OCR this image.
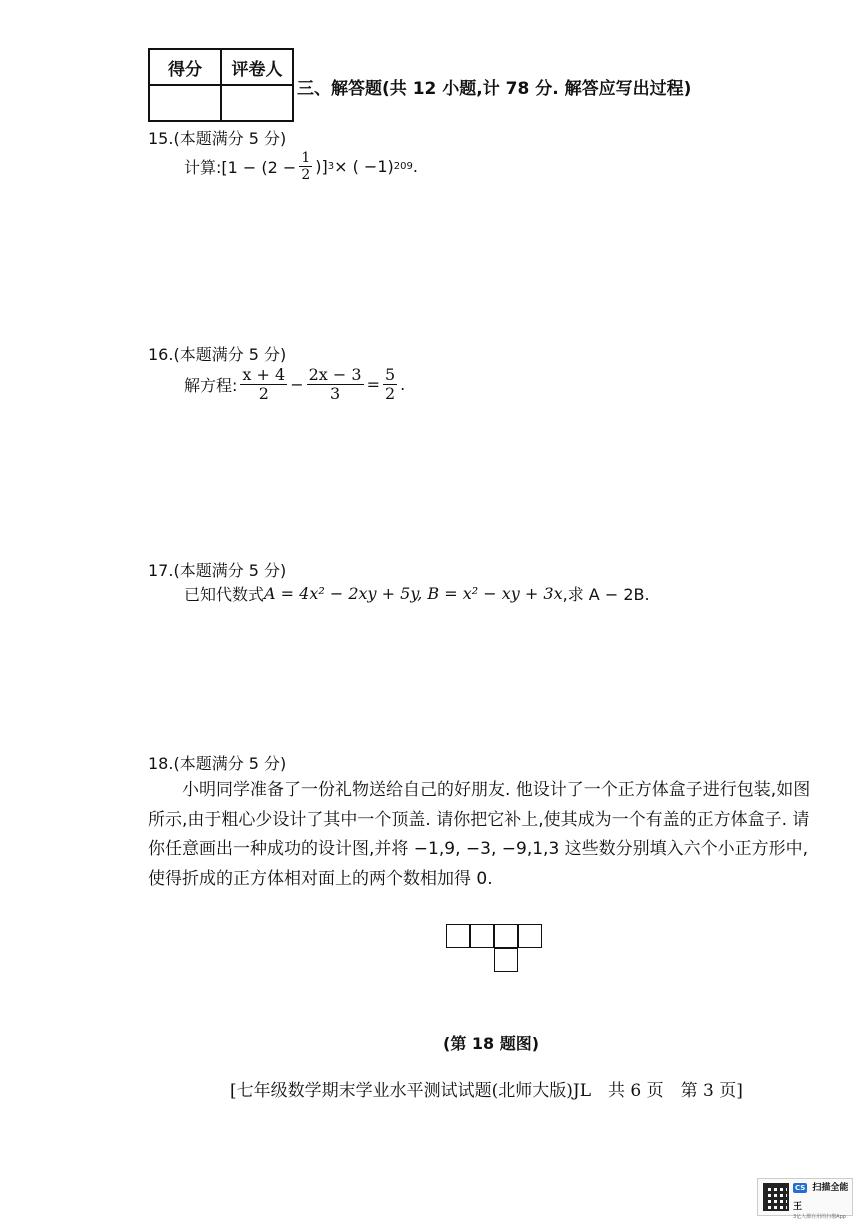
得分	评卷人

三、解答题(共 12 小题,计 78 分. 解答应写出过程)
15.(本题满分 5 分)
计算:[1 − ($2 - \frac{1}{2}$ )] 3 × ( −1) 209 .
16.(本题满分 5 分)
解方程: $\frac{x + 4}{2} - \frac{2x - 3}{3} = \frac{5}{2}$ .
17.(本题满分 5 分)
已知代数式 A = 4x² − 2xy + 5y, B = x² − xy + 3x ,求 A − 2B.
18.(本题满分 5 分)
　　小明同学准备了一份礼物送给自己的好朋友. 他设计了一个正方体盒子进行包装,如图
所示,由于粗心少设计了其中一个顶盖. 请你把它补上,使其成为一个有盖的正方体盒子. 请
你任意画出一种成功的设计图,并将 −1,9, −3, −9,1,3 这些数分别填入六个小正方形中,
使得折成的正方体相对面上的两个数相加得 0.
(第 18 题图)
[七年级数学期末学业水平测试试题(北师大版)JL　共 6 页　第 3 页]
CS 扫描全能王
3亿人都在用的扫描App
